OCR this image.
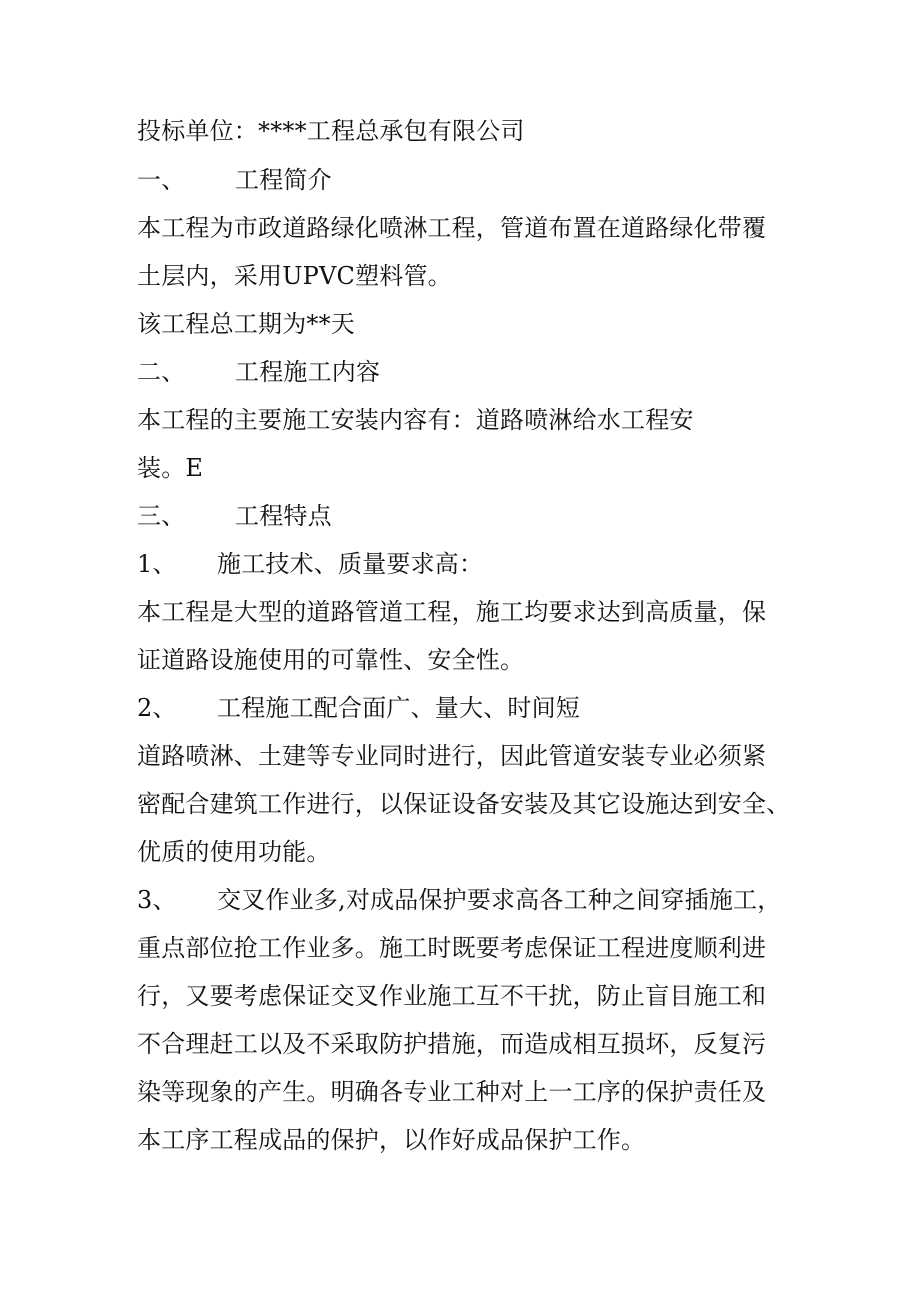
投标单位：****工程总承包有限公司
一、 工程简介
本工程为市政道路绿化喷淋工程，管道布置在道路绿化带覆
土层内，采用UPVC塑料管。
该工程总工期为**天
二、 工程施工内容
本工程的主要施工安装内容有：道路喷淋给水工程安
装。E
三、 工程特点
1、 施工技术、质量要求高：
本工程是大型的道路管道工程，施工均要求达到高质量，保
证道路设施使用的可靠性、安全性。
2、 工程施工配合面广、量大、时间短
道路喷淋、土建等专业同时进行，因此管道安装专业必须紧
密配合建筑工作进行，以保证设备安装及其它设施达到安全、
优质的使用功能。
3、 交叉作业多,对成品保护要求高各工种之间穿插施工，
重点部位抢工作业多。施工时既要考虑保证工程进度顺利进
行，又要考虑保证交叉作业施工互不干扰，防止盲目施工和
不合理赶工以及不采取防护措施，而造成相互损坏，反复污
染等现象的产生。明确各专业工种对上一工序的保护责任及
本工序工程成品的保护，以作好成品保护工作。
